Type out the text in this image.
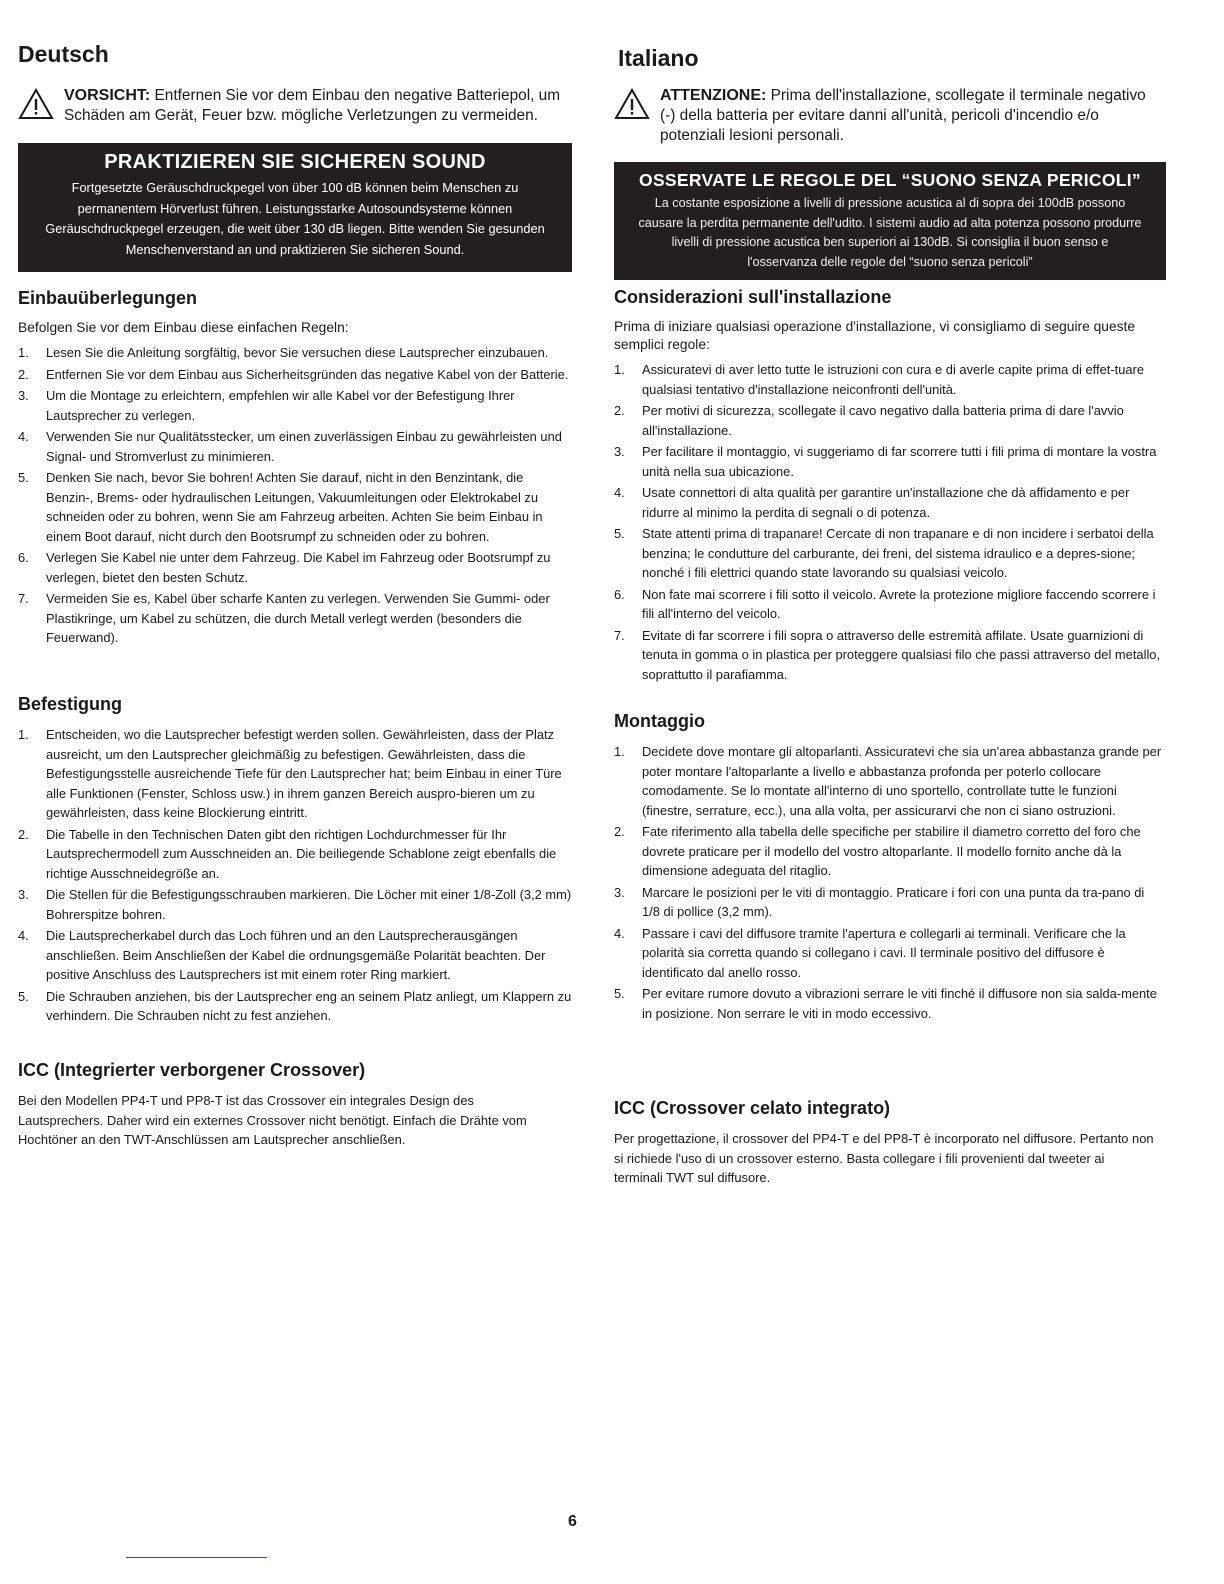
Deutsch
VORSICHT: Entfernen Sie vor dem Einbau den negative Batteriepol, um Schäden am Gerät, Feuer bzw. mögliche Verletzungen zu vermeiden.
PRAKTIZIEREN SIE SICHEREN SOUND
Fortgesetzte Geräuschdruckpegel von über 100 dB können beim Menschen zu permanentem Hörverlust führen. Leistungsstarke Autosoundsysteme können Geräuschdruckpegel erzeugen, die weit über 130 dB liegen. Bitte wenden Sie gesunden Menschenverstand an und praktizieren Sie sicheren Sound.
Einbauüberlegungen

Befolgen Sie vor dem Einbau diese einfachen Regeln:

1.	Lesen Sie die Anleitung sorgfältig, bevor Sie versuchen diese Lautsprecher einzubauen.
2.	Entfernen Sie vor dem Einbau aus Sicherheitsgründen das negative Kabel von der Batterie.
3.	Um die Montage zu erleichtern, empfehlen wir alle Kabel vor der Befestigung Ihrer Lautsprecher zu verlegen.
4.	Verwenden Sie nur Qualitätsstecker, um einen zuverlässigen Einbau zu gewährleisten und Signal- und Stromverlust zu minimieren.
5.	Denken Sie nach, bevor Sie bohren! Achten Sie darauf, nicht in den Benzintank, die Benzin-, Brems- oder hydraulischen Leitungen, Vakuumleitungen oder Elektrokabel zu schneiden oder zu bohren, wenn Sie am Fahrzeug arbeiten. Achten Sie beim Einbau in einem Boot darauf, nicht durch den Bootsrumpf zu schneiden oder zu bohren.
6.	Verlegen Sie Kabel nie unter dem Fahrzeug. Die Kabel im Fahrzeug oder Bootsrumpf zu verlegen, bietet den besten Schutz.
7.	Vermeiden Sie es, Kabel über scharfe Kanten zu verlegen. Verwenden Sie Gummi- oder Plastikringe, um Kabel zu schützen, die durch Metall verlegt werden (besonders die Feuerwand).
Befestigung
1.	Entscheiden, wo die Lautsprecher befestigt werden sollen. Gewährleisten, dass der Platz ausreicht, um den Lautsprecher gleichmäßig zu befestigen. Gewährleisten, dass die Befestigungsstelle ausreichende Tiefe für den Lautsprecher hat; beim Einbau in einer Türe alle Funktionen (Fenster, Schloss usw.) in ihrem ganzen Bereich auspro-bieren um zu gewährleisten, dass keine Blockierung eintritt.
2.	Die Tabelle in den Technischen Daten gibt den richtigen Lochdurchmesser für Ihr Lautsprechermodell zum Ausschneiden an. Die beiliegende Schablone zeigt ebenfalls die richtige Ausschneidegröße an.
3.	Die Stellen für die Befestigungsschrauben markieren. Die Löcher mit einer 1/8-Zoll (3,2 mm) Bohrerspitze bohren.
4.	Die Lautsprecherkabel durch das Loch führen und an den Lautsprecherausgängen anschließen. Beim Anschließen der Kabel die ordnungsgemäße Polarität beachten. Der positive Anschluss des Lautsprechers ist mit einem roter Ring markiert.
5.	Die Schrauben anziehen, bis der Lautsprecher eng an seinem Platz anliegt, um Klappern zu verhindern. Die Schrauben nicht zu fest anziehen.
ICC (Integrierter verborgener Crossover)

Bei den Modellen PP4-T und PP8-T ist das Crossover ein integrales Design des Lautsprechers. Daher wird ein externes Crossover nicht benötigt. Einfach die Drähte vom Hochtöner an den TWT-Anschlüssen am Lautsprecher anschließen.

Italiano
ATTENZIONE: Prima dell'installazione, scollegate il terminale negativo (-) della batteria per evitare danni all'unità, pericoli d'incendio e/o potenziali lesioni personali.
OSSERVATE LE REGOLE DEL “SUONO SENZA PERICOLI”
La costante esposizione a livelli di pressione acustica al di sopra dei 100dB possono causare la perdita permanente dell'udito. I sistemi audio ad alta potenza possono produrre livelli di pressione acustica ben superiori ai 130dB. Si consiglia il buon senso e l'osservanza delle regole del “suono senza pericoli”
Considerazioni sull'installazione

Prima di iniziare qualsiasi operazione d'installazione, vi consigliamo di seguire queste semplici regole:

1.	Assicuratevi di aver letto tutte le istruzioni con cura e di averle capite prima di effet-tuare qualsiasi tentativo d'installazione neiconfronti dell'unità.
2.	Per motivi di sicurezza, scollegate il cavo negativo dalla batteria prima di dare l'avvio all'installazione.
3.	Per facilitare il montaggio, vi suggeriamo di far scorrere tutti i fili prima di montare la vostra unità nella sua ubicazione.
4.	Usate connettori di alta qualità per garantire un'installazione che dà affidamento e per ridurre al minimo la perdita di segnali o di potenza.
5.	State attenti prima di trapanare! Cercate di non trapanare e di non incidere i serbatoi della benzina; le condutture del carburante, dei freni, del sistema idraulico e a depres-sione; nonché i fili elettrici quando state lavorando su qualsiasi veicolo.
6.	Non fate mai scorrere i fili sotto il veicolo. Avrete la protezione migliore faccendo scorrere i fili all'interno del veicolo.
7.	Evitate di far scorrere i fili sopra o attraverso delle estremità affilate. Usate guarnizioni di tenuta in gomma o in plastica per proteggere qualsiasi filo che passi attraverso del metallo, soprattutto il parafiamma.
Montaggio
1.	Decidete dove montare gli altoparlanti. Assicuratevi che sia un'area abbastanza grande per poter montare l'altoparlante a livello e abbastanza profonda per poterlo collocare comodamente. Se lo montate all'interno di uno sportello, controllate tutte le funzioni (finestre, serrature, ecc.), una alla volta, per assicurarvi che non ci siano ostruzioni.
2.	Fate riferimento alla tabella delle specifiche per stabilire il diametro corretto del foro che dovrete praticare per il modello del vostro altoparlante. Il modello fornito anche dà la dimensione adeguata del ritaglio.
3.	Marcare le posizioni per le viti di montaggio. Praticare i fori con una punta da tra-pano di 1/8 di pollice (3,2 mm).
4.	Passare i cavi del diffusore tramite l'apertura e collegarli ai terminali. Verificare che la polarità sia corretta quando si collegano i cavi. Il terminale positivo del diffusore è identificato dal anello rosso.
5.	Per evitare rumore dovuto a vibrazioni serrare le viti finché il diffusore non sia salda-mente in posizione. Non serrare le viti in modo eccessivo.
ICC (Crossover celato integrato)

Per progettazione, il crossover del PP4-T e del PP8-T è incorporato nel diffusore. Pertanto non si richiede l'uso di un crossover esterno. Basta collegare i fili provenienti dal tweeter ai terminali TWT sul diffusore.

6
